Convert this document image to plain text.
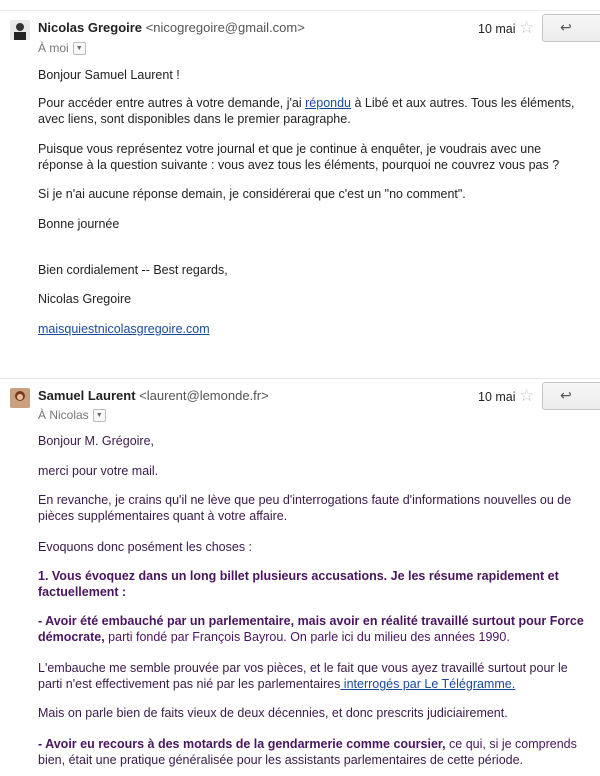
Nicolas Gregoire <nicogregoire@gmail.com>
À moi ▼
10 mai ☆ ↩

Bonjour Samuel Laurent !

Pour accéder entre autres à votre demande, j'ai répondu à Libé et aux autres. Tous les éléments,

avec liens, sont disponibles dans le premier paragraphe.

Puisque vous représentez votre journal et que je continue à enquêter, je voudrais avec une

réponse à la question suivante : vous avez tous les éléments, pourquoi ne couvrez vous pas ?

Si je n'ai aucune réponse demain, je considérerai que c'est un "no comment".

Bonne journée

Bien cordialement -- Best regards,

Nicolas Gregoire

maisquiestnicolasgregoire.com

Samuel Laurent <laurent@lemonde.fr>
À Nicolas ▼
10 mai ☆ ↩

Bonjour M. Grégoire,

merci pour votre mail.

En revanche, je crains qu'il ne lève que peu d'interrogations faute d'informations nouvelles ou de

pièces supplémentaires quant à votre affaire.

Evoquons donc posément les choses :

1. Vous évoquez dans un long billet plusieurs accusations. Je les résume rapidement et

factuellement :

- Avoir été embauché par un parlementaire, mais avoir en réalité travaillé surtout pour Force

démocrate, parti fondé par François Bayrou. On parle ici du milieu des années 1990.

L'embauche me semble prouvée par vos pièces, et le fait que vous ayez travaillé surtout pour le

parti n'est effectivement pas nié par les parlementaires interrogés par Le Télégramme.

Mais on parle bien de faits vieux de deux décennies, et donc prescrits judiciairement.

- Avoir eu recours à des motards de la gendarmerie comme coursier, ce qui, si je comprends

bien, était une pratique généralisée pour les assistants parlementaires de cette période.
